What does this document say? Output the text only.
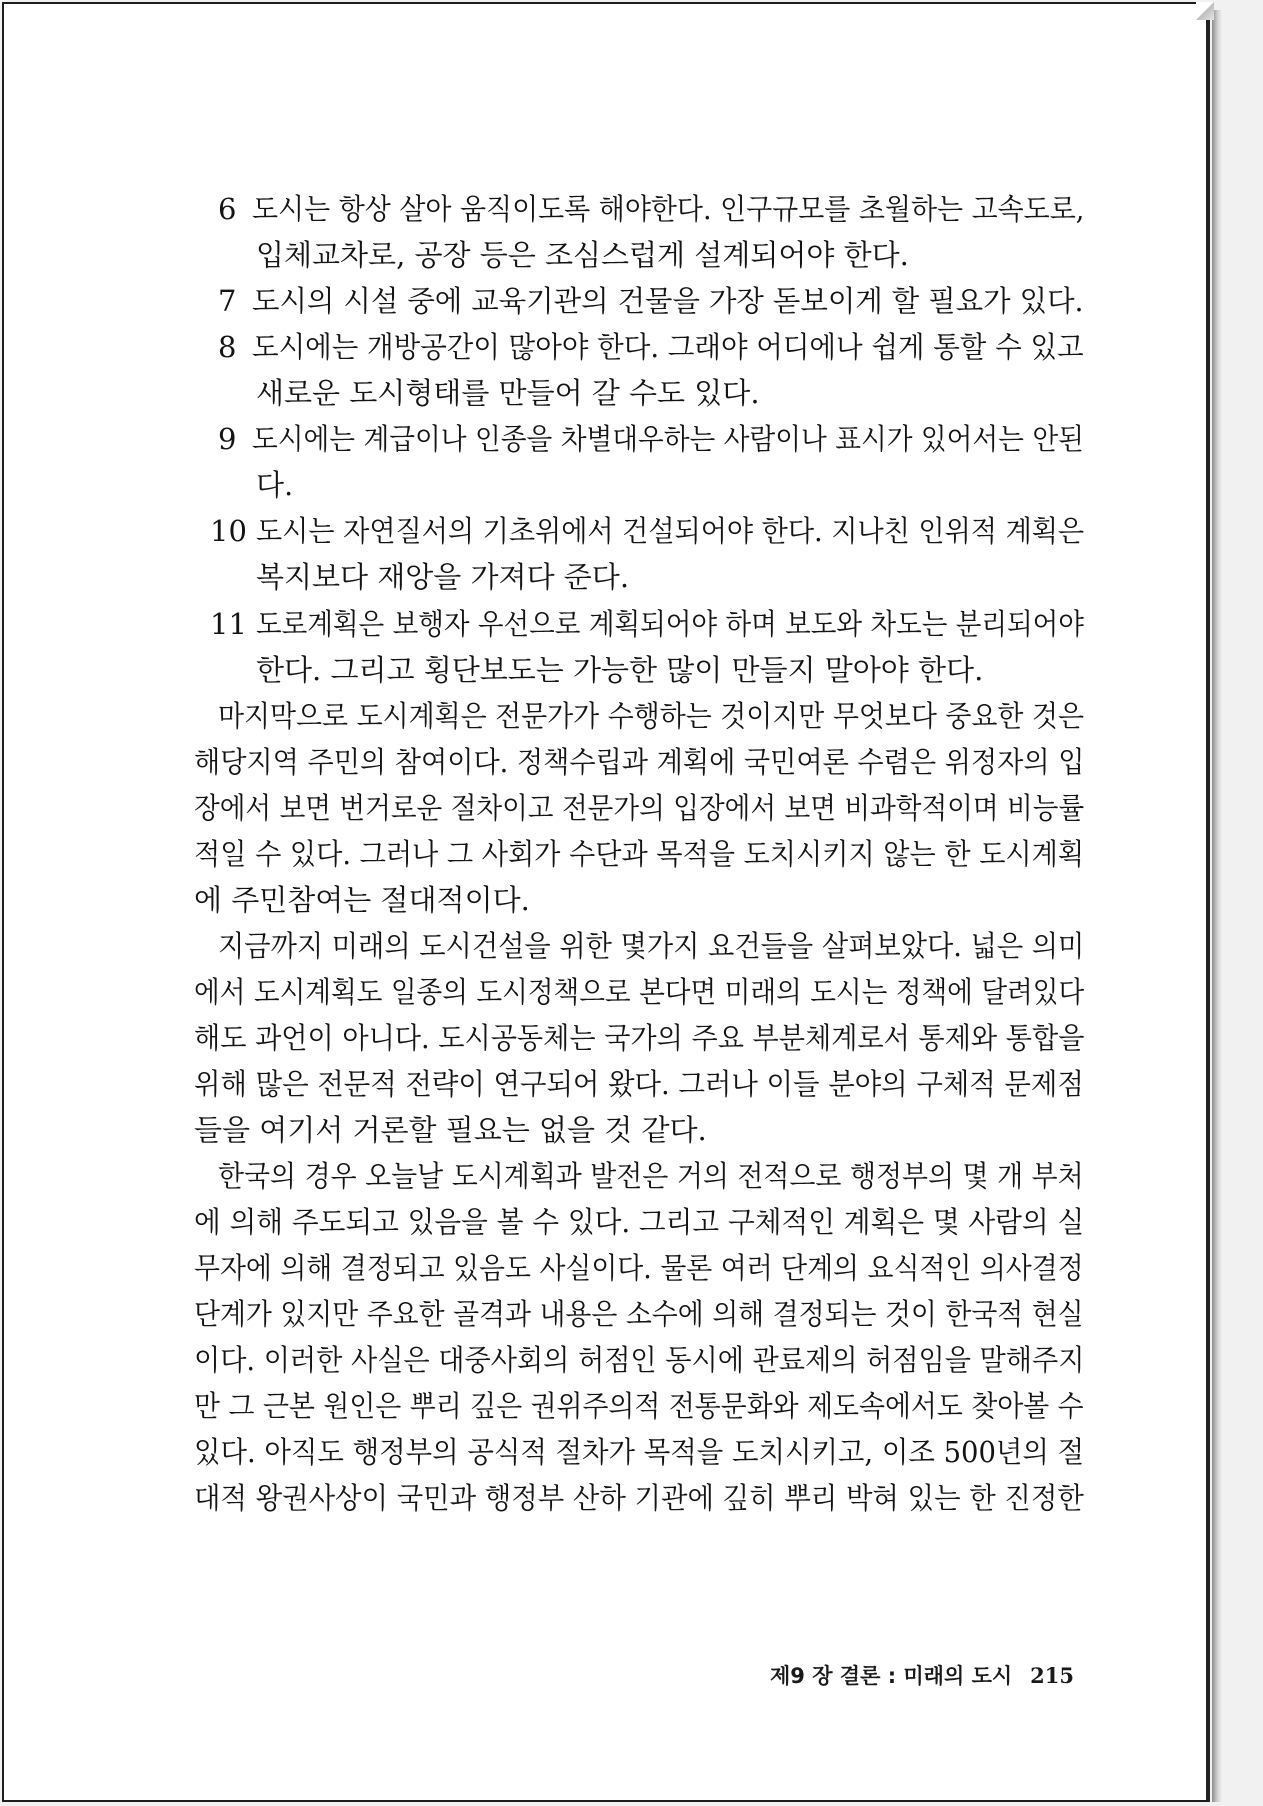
6 도시는 항상 살아 움직이도록 해야한다. 인구규모를 초월하는 고속도로,
입체교차로, 공장 등은 조심스럽게 설계되어야 한다.
7 도시의 시설 중에 교육기관의 건물을 가장 돋보이게 할 필요가 있다.
8 도시에는 개방공간이 많아야 한다. 그래야 어디에나 쉽게 통할 수 있고
새로운 도시형태를 만들어 갈 수도 있다.
9 도시에는 계급이나 인종을 차별대우하는 사람이나 표시가 있어서는 안된
다.
10 도시는 자연질서의 기초위에서 건설되어야 한다. 지나친 인위적 계획은
복지보다 재앙을 가져다 준다.
11 도로계획은 보행자 우선으로 계획되어야 하며 보도와 차도는 분리되어야
한다. 그리고 횡단보도는 가능한 많이 만들지 말아야 한다.
마지막으로 도시계획은 전문가가 수행하는 것이지만 무엇보다 중요한 것은
해당지역 주민의 참여이다. 정책수립과 계획에 국민여론 수렴은 위정자의 입
장에서 보면 번거로운 절차이고 전문가의 입장에서 보면 비과학적이며 비능률
적일 수 있다. 그러나 그 사회가 수단과 목적을 도치시키지 않는 한 도시계획
에 주민참여는 절대적이다.
지금까지 미래의 도시건설을 위한 몇가지 요건들을 살펴보았다. 넓은 의미
에서 도시계획도 일종의 도시정책으로 본다면 미래의 도시는 정책에 달려있다
해도 과언이 아니다. 도시공동체는 국가의 주요 부분체계로서 통제와 통합을
위해 많은 전문적 전략이 연구되어 왔다. 그러나 이들 분야의 구체적 문제점
들을 여기서 거론할 필요는 없을 것 같다.
한국의 경우 오늘날 도시계획과 발전은 거의 전적으로 행정부의 몇 개 부처
에 의해 주도되고 있음을 볼 수 있다. 그리고 구체적인 계획은 몇 사람의 실
무자에 의해 결정되고 있음도 사실이다. 물론 여러 단계의 요식적인 의사결정
단계가 있지만 주요한 골격과 내용은 소수에 의해 결정되는 것이 한국적 현실
이다. 이러한 사실은 대중사회의 허점인 동시에 관료제의 허점임을 말해주지
만 그 근본 원인은 뿌리 깊은 권위주의적 전통문화와 제도속에서도 찾아볼 수
있다. 아직도 행정부의 공식적 절차가 목적을 도치시키고, 이조 500년의 절
대적 왕권사상이 국민과 행정부 산하 기관에 깊히 뿌리 박혀 있는 한 진정한
제9 장 결론 : 미래의 도시 215
